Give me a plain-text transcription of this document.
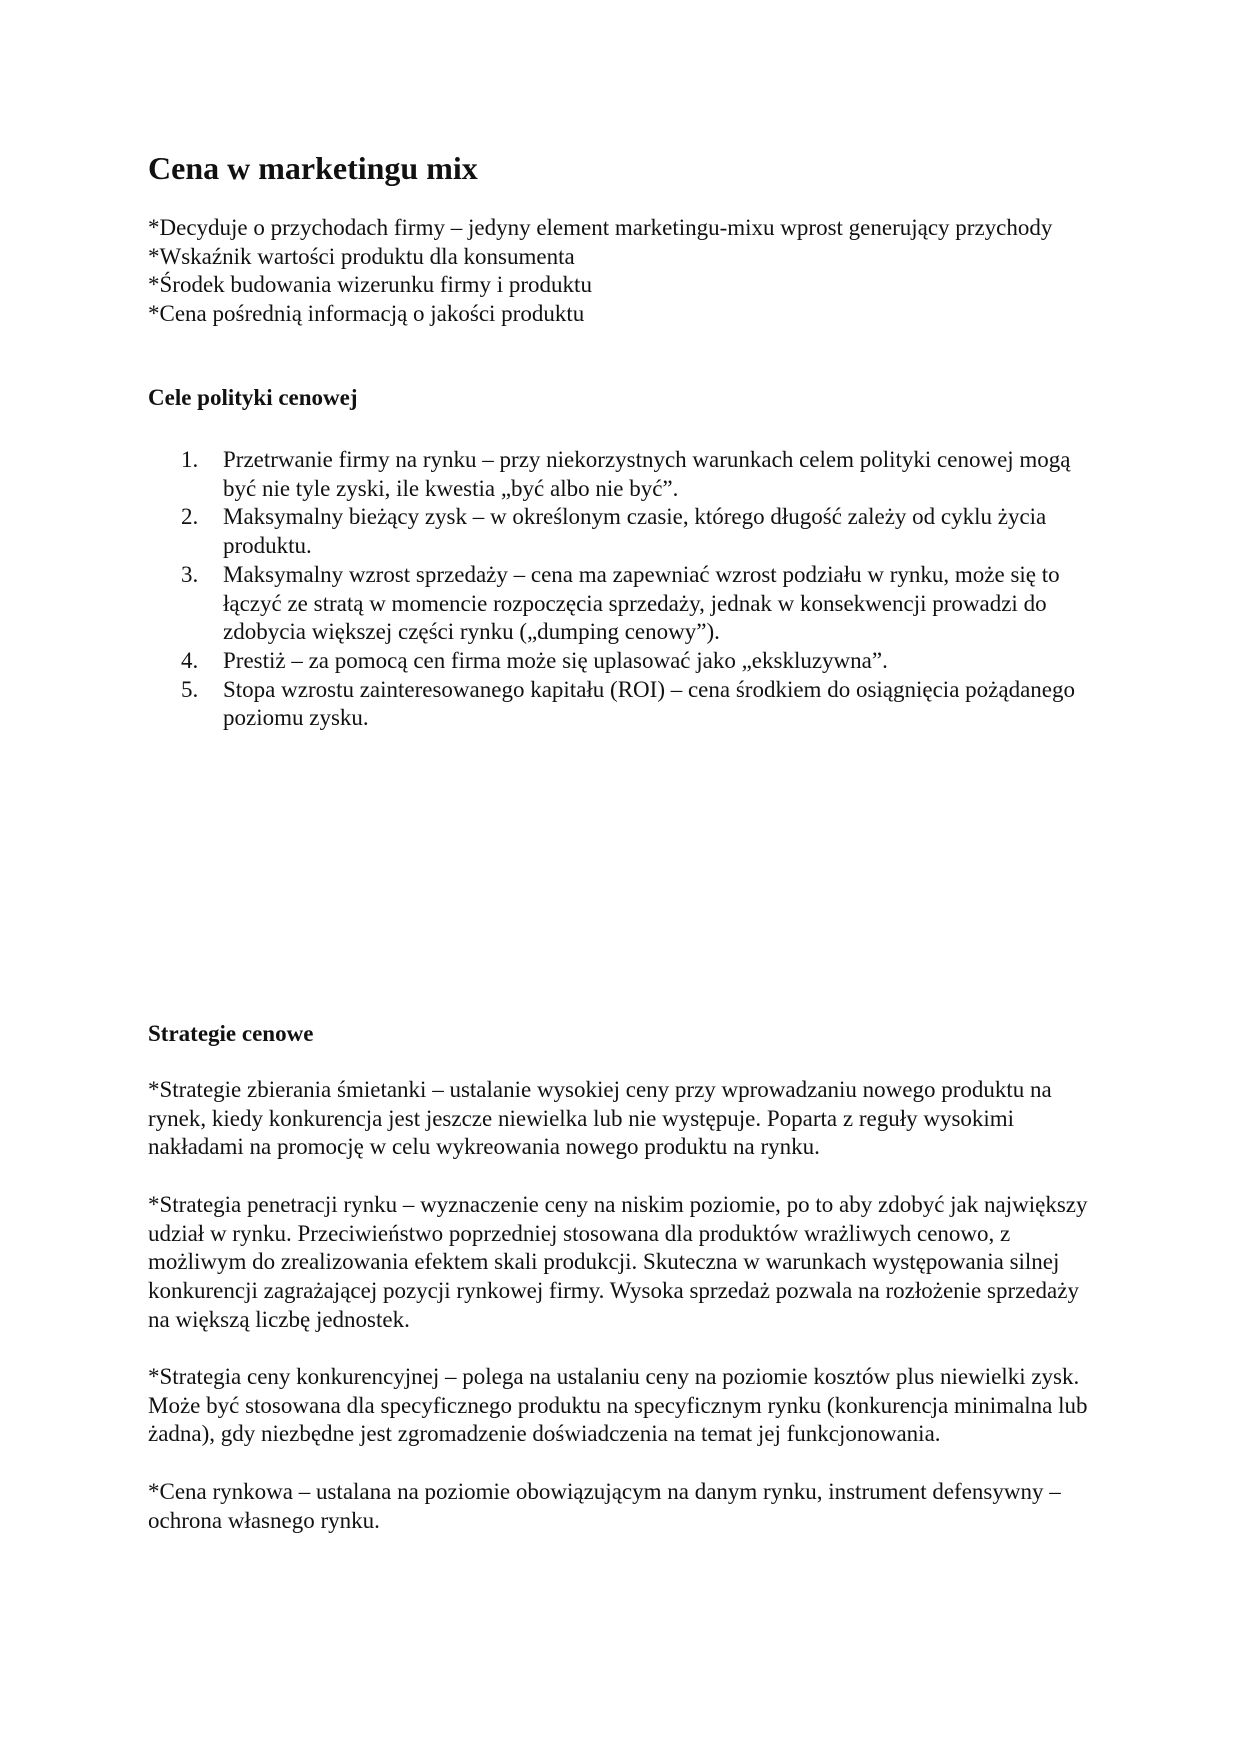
Cena w marketingu mix
*Decyduje o przychodach firmy – jedyny element marketingu-mixu wprost generujący przychody
*Wskaźnik wartości produktu dla konsumenta
*Środek budowania wizerunku firmy i produktu
*Cena pośrednią informacją o jakości produktu
Cele polityki cenowej
1. Przetrwanie firmy na rynku – przy niekorzystnych warunkach celem polityki cenowej mogą być nie tyle zyski, ile kwestia „być albo nie być”.
2. Maksymalny bieżący zysk – w określonym czasie, którego długość zależy od cyklu życia produktu.
3. Maksymalny wzrost sprzedaży – cena ma zapewniać wzrost podziału w rynku, może się to łączyć ze stratą w momencie rozpoczęcia sprzedaży, jednak w konsekwencji prowadzi do zdobycia większej części rynku („dumping cenowy”).
4. Prestiż – za pomocą cen firma może się uplasować jako „ekskluzywna”.
5. Stopa wzrostu zainteresowanego kapitału (ROI) – cena środkiem do osiągnięcia pożądanego poziomu zysku.
Strategie cenowe

*Strategie zbierania śmietanki – ustalanie wysokiej ceny przy wprowadzaniu nowego produktu na rynek, kiedy konkurencja jest jeszcze niewielka lub nie występuje. Poparta z reguły wysokimi nakładami na promocję w celu wykreowania nowego produktu na rynku.

*Strategia penetracji rynku – wyznaczenie ceny na niskim poziomie, po to aby zdobyć jak największy udział w rynku. Przeciwieństwo poprzedniej stosowana dla produktów wrażliwych cenowo, z możliwym do zrealizowania efektem skali produkcji. Skuteczna w warunkach występowania silnej konkurencji zagrażającej pozycji rynkowej firmy. Wysoka sprzedaż pozwala na rozłożenie sprzedaży na większą liczbę jednostek.

*Strategia ceny konkurencyjnej – polega na ustalaniu ceny na poziomie kosztów plus niewielki zysk. Może być stosowana dla specyficznego produktu na specyficznym rynku (konkurencja minimalna lub żadna), gdy niezbędne jest zgromadzenie doświadczenia na temat jej funkcjonowania.

*Cena rynkowa – ustalana na poziomie obowiązującym na danym rynku, instrument defensywny – ochrona własnego rynku.
